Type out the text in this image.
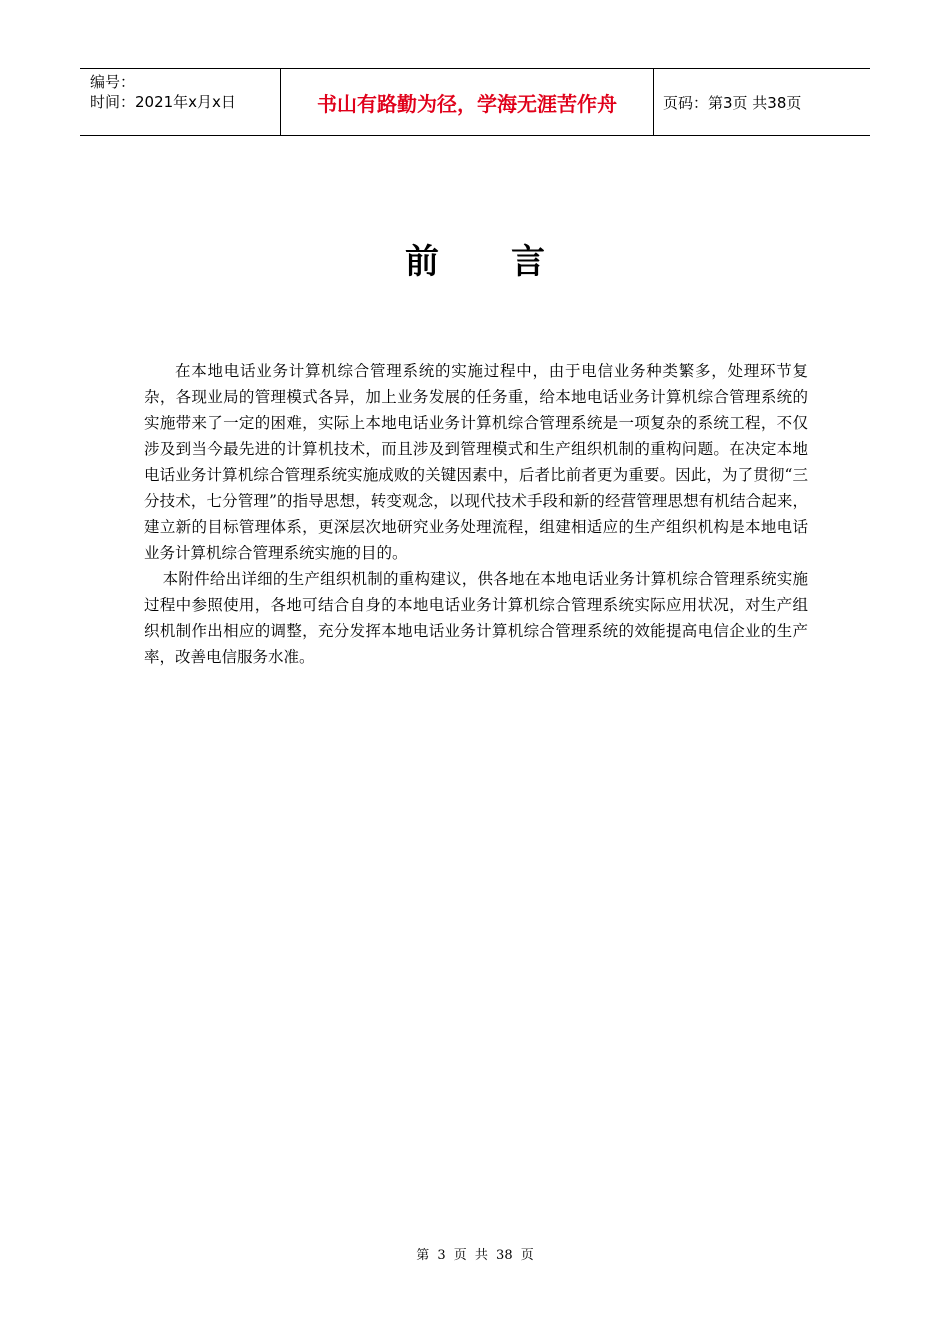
编号：
时间：2021年x月x日	书山有路勤为径，学海无涯苦作舟	页码：第3页 共38页
前 言

在本地电话业务计算机综合管理系统的实施过程中，由于电信业务种类繁多，处理环节复杂，各现业局的管理模式各异，加上业务发展的任务重，给本地电话业务计算机综合管理系统的实施带来了一定的困难，实际上本地电话业务计算机综合管理系统是一项复杂的系统工程，不仅涉及到当今最先进的计算机技术，而且涉及到管理模式和生产组织机制的重构问题。在决定本地电话业务计算机综合管理系统实施成败的关键因素中，后者比前者更为重要。因此，为了贯彻“三分技术，七分管理”的指导思想，转变观念，以现代技术手段和新的经营管理思想有机结合起来，建立新的目标管理体系，更深层次地研究业务处理流程，组建相适应的生产组织机构是本地电话业务计算机综合管理系统实施的目的。

本附件给出详细的生产组织机制的重构建议，供各地在本地电话业务计算机综合管理系统实施过程中参照使用，各地可结合自身的本地电话业务计算机综合管理系统实际应用状况，对生产组织机制作出相应的调整，充分发挥本地电话业务计算机综合管理系统的效能提高电信企业的生产率，改善电信服务水准。

第 3 页 共 38 页
